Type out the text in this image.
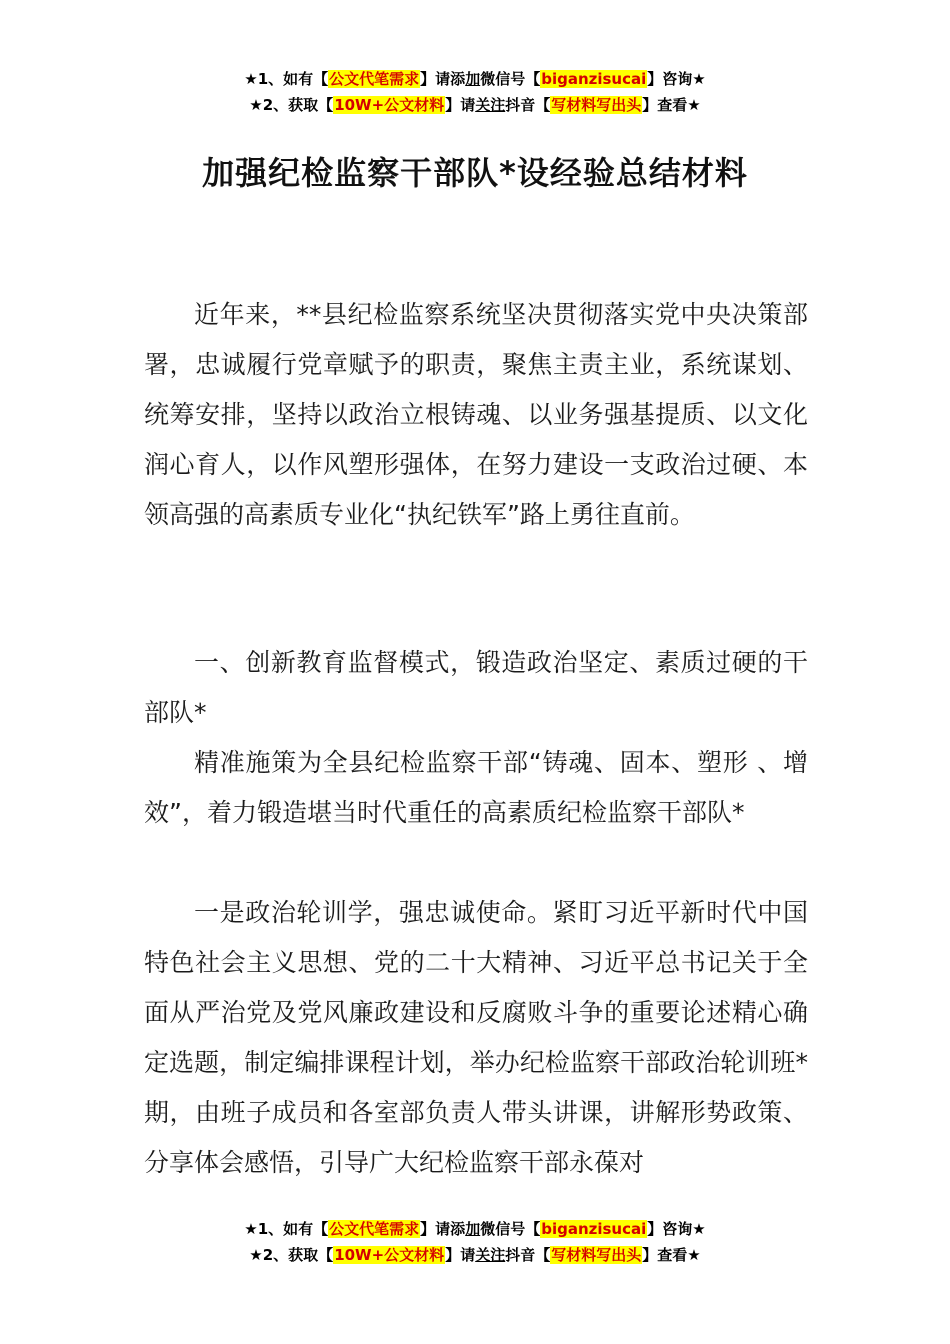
★1、如有【公文代笔需求】请添加微信号【biganzisucai】咨询★
★2、获取【10W+公文材料】请关注抖音【写材料写出头】查看★
加强纪检监察干部队*设经验总结材料

近年来，**县纪检监察系统坚决贯彻落实党中央决策部署，忠诚履行党章赋予的职责，聚焦主责主业，系统谋划、统筹安排，坚持以政治立根铸魂、以业务强基提质、以文化润心育人，以作风塑形强体，在努力建设一支政治过硬、本领高强的高素质专业化“执纪铁军”路上勇往直前。

一、创新教育监督模式，锻造政治坚定、素质过硬的干部队*

精准施策为全县纪检监察干部“铸魂、固本、塑形 、增效”，着力锻造堪当时代重任的高素质纪检监察干部队*

一是政治轮训学，强忠诚使命。紧盯习近平新时代中国特色社会主义思想、党的二十大精神、习近平总书记关于全面从严治党及党风廉政建设和反腐败斗争的重要论述精心确定选题，制定编排课程计划，举办纪检监察干部政治轮训班*期，由班子成员和各室部负责人带头讲课，讲解形势政策、分享体会感悟，引导广大纪检监察干部永葆对

★1、如有【公文代笔需求】请添加微信号【biganzisucai】咨询★
★2、获取【10W+公文材料】请关注抖音【写材料写出头】查看★
